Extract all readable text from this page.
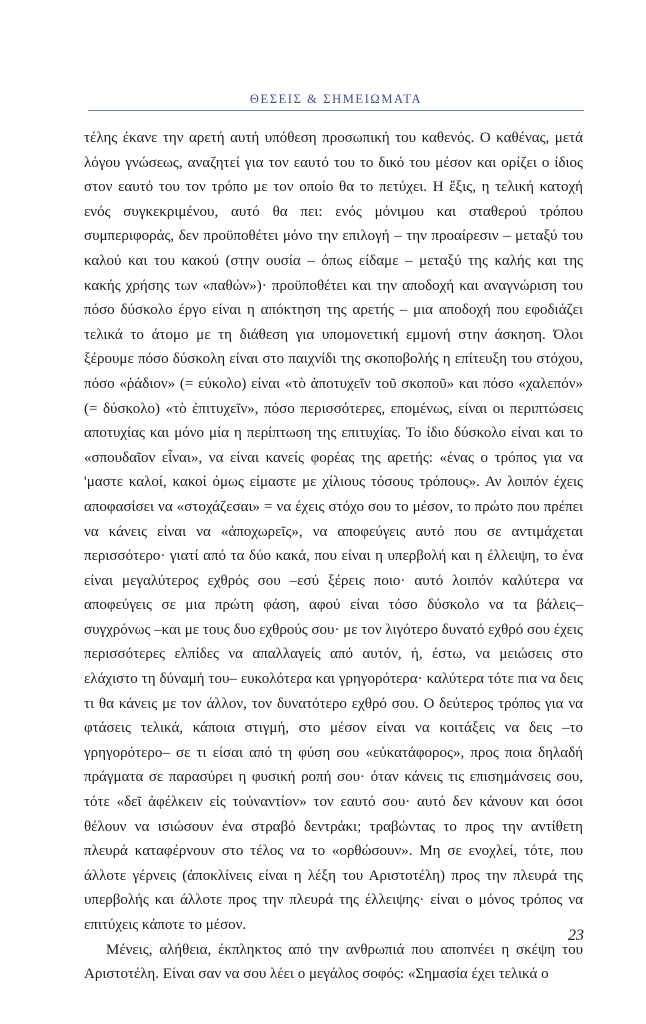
ΘΕΣΕΙΣ & ΣΗΜΕΙΩΜΑΤΑ

τέλης έκανε την αρετή αυτή υπόθεση προσωπική του καθενός. Ο καθένας, μετά λόγου γνώσεως, αναζητεί για τον εαυτό του το δικό του μέσον και ορίζει ο ίδιος στον εαυτό του τον τρόπο με τον οποίο θα το πετύχει. Η ἕξις, η τελική κατοχή ενός συγκεκριμένου, αυτό θα πει: ενός μόνιμου και σταθερού τρόπου συμπεριφοράς, δεν προϋποθέτει μόνο την επιλογή – την προαίρεσιν – μεταξύ του καλού και του κακού (στην ουσία – όπως είδαμε – μεταξύ της καλής και της κακής χρήσης των «παθών»)· προϋποθέτει και την αποδοχή και αναγνώριση του πόσο δύσκολο έργο είναι η απόκτηση της αρετής – μια αποδοχή που εφοδιάζει τελικά το άτομο με τη διάθεση για υπομονετική εμμονή στην άσκηση. Όλοι ξέρουμε πόσο δύσκολη είναι στο παιχνίδι της σκοποβολής η επίτευξη του στόχου, πόσο «ῥάδιον» (= εύκολο) είναι «τὸ ἀποτυχεῖν τοῦ σκοποῦ» και πόσο «χαλεπόν» (= δύσκολο) «τὸ ἐπιτυχεῖν», πόσο περισσότερες, επομένως, είναι οι περιπτώσεις αποτυχίας και μόνο μία η περίπτωση της επιτυχίας. Το ίδιο δύσκολο είναι και το «σπουδαῖον εἶναι», να είναι κανείς φορέας της αρετής: «ένας ο τρόπος για να 'μαστε καλοί, κακοί όμως είμαστε με χίλιους τόσους τρόπους». Αν λοιπόν έχεις αποφασίσει να «στοχάζεσαι» = να έχεις στόχο σου το μέσον, το πρώτο που πρέπει να κάνεις είναι να «ἀποχωρεῖς», να αποφεύγεις αυτό που σε αντιμάχεται περισσότερο· γιατί από τα δύο κακά, που είναι η υπερβολή και η έλλειψη, το ένα είναι μεγαλύτερος εχθρός σου –εσύ ξέρεις ποιο· αυτό λοιπόν καλύτερα να αποφεύγεις σε μια πρώτη φάση, αφού είναι τόσο δύσκολο να τα βάλεις– συγχρόνως –και με τους δυο εχθρούς σου· με τον λιγότερο δυνατό εχθρό σου έχεις περισσότερες ελπίδες να απαλλαγείς από αυτόν, ή, έστω, να μειώσεις στο ελάχιστο τη δύναμή του– ευκολότερα και γρηγορότερα· καλύτερα τότε πια να δεις τι θα κάνεις με τον άλλον, τον δυνατότερο εχθρό σου. Ο δεύτερος τρόπος για να φτάσεις τελικά, κάποια στιγμή, στο μέσον είναι να κοιτάξεις να δεις –το γρηγορότερο– σε τι είσαι από τη φύση σου «εὐκατάφορος», προς ποια δηλαδή πράγματα σε παρασύρει η φυσική ροπή σου· όταν κάνεις τις επισημάνσεις σου, τότε «δεῖ ἀφέλκειν εἰς τοὐναντίον» τον εαυτό σου· αυτό δεν κάνουν και όσοι θέλουν να ισιώσουν ένα στραβό δεντράκι; τραβώντας το προς την αντίθετη πλευρά καταφέρνουν στο τέλος να το «ορθώσουν». Μη σε ενοχλεί, τότε, που άλλοτε γέρνεις (ἀποκλίνεις είναι η λέξη του Αριστοτέλη) προς την πλευρά της υπερβολής και άλλοτε προς την πλευρά της έλλειψης· είναι ο μόνος τρόπος να επιτύχεις κάποτε το μέσον.

Μένεις, αλήθεια, έκπληκτος από την ανθρωπιά που αποπνέει η σκέψη του Αριστοτέλη. Είναι σαν να σου λέει ο μεγάλος σοφός: «Σημασία έχει τελικά ο

23
